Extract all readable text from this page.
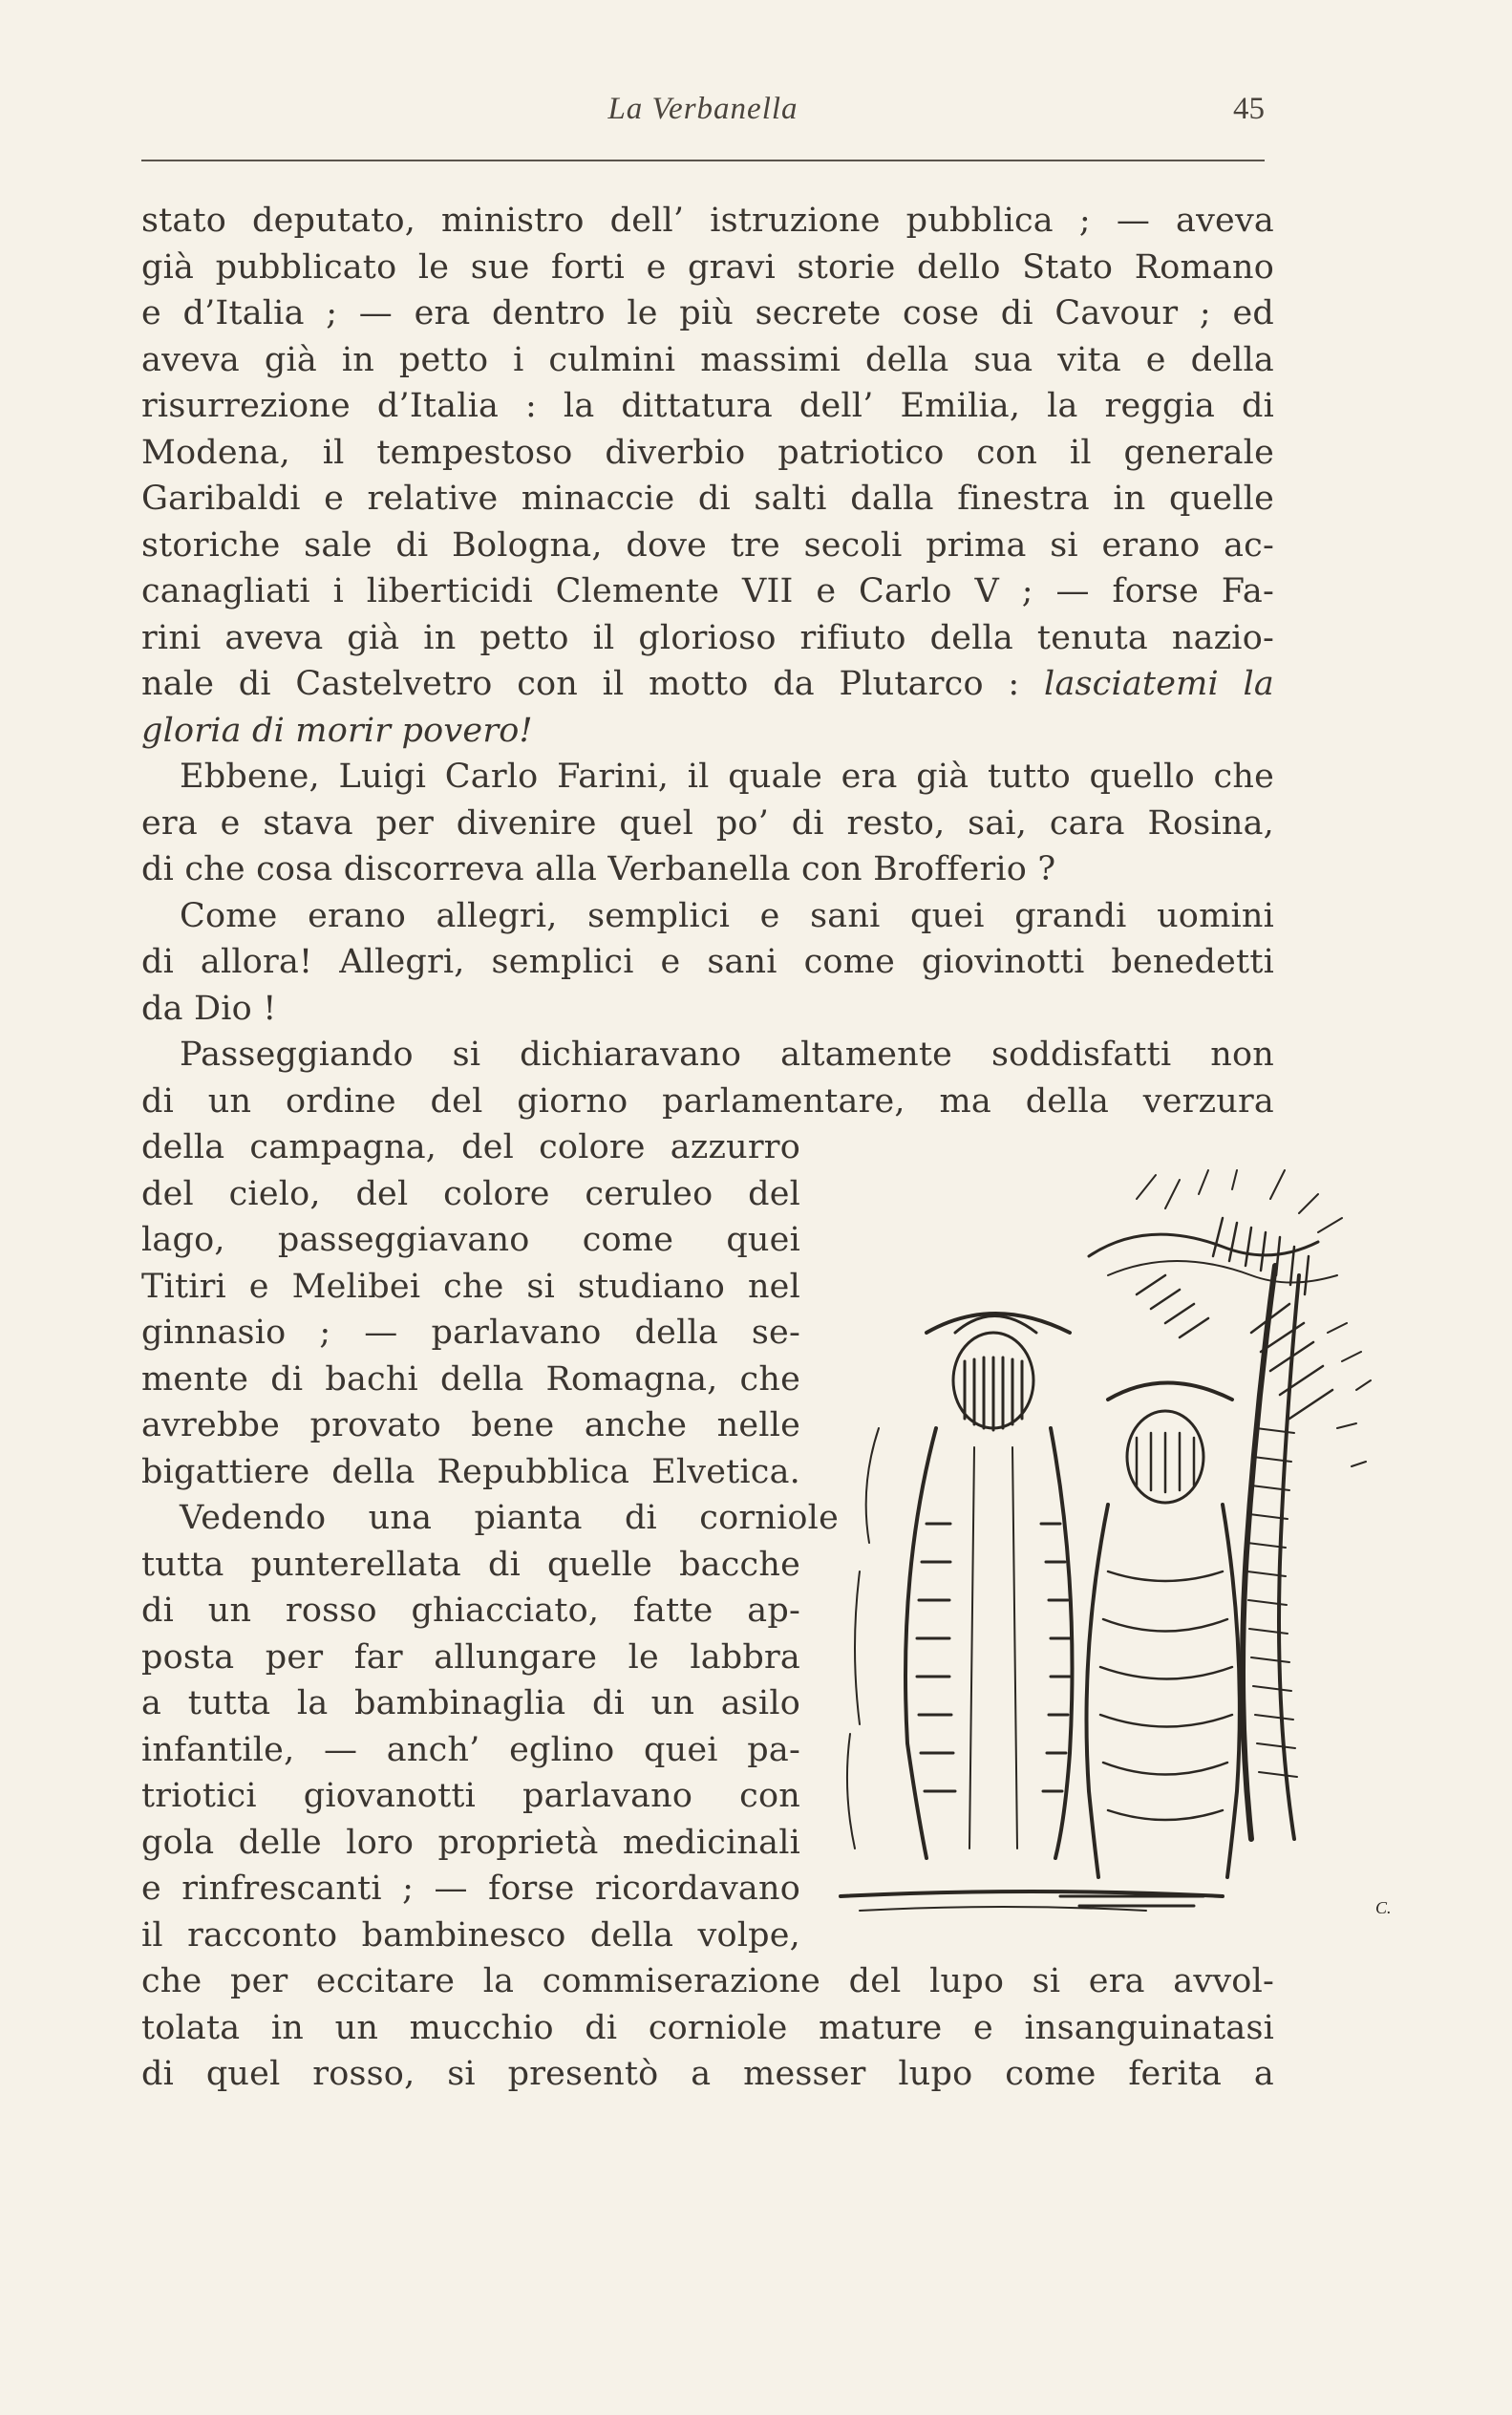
La Verbanella	45
stato deputato, ministro dell’ istruzione pubblica ; — aveva
già pubblicato le sue forti e gravi storie dello Stato Romano
e d’Italia ; — era dentro le più secrete cose di Cavour ; ed
aveva già in petto i culmini massimi della sua vita e della
risurrezione d’Italia : la dittatura dell’ Emilia, la reggia di
Modena, il tempestoso diverbio patriotico con il generale
Garibaldi e relative minaccie di salti dalla finestra in quelle
storiche sale di Bologna, dove tre secoli prima si erano ac-
canagliati i liberticidi Clemente VII e Carlo V ; — forse Fa-
rini aveva già in petto il glorioso rifiuto della tenuta nazio-
nale di Castelvetro con il motto da Plutarco : lasciatemi la
gloria di morir povero!
Ebbene, Luigi Carlo Farini, il quale era già tutto quello che
era e stava per divenire quel po’ di resto, sai, cara Rosina,
di che cosa discorreva alla Verbanella con Brofferio ?
Come erano allegri, semplici e sani quei grandi uomini
di allora! Allegri, semplici e sani come giovinotti benedetti
da Dio !
Passeggiando si dichiaravano altamente soddisfatti non
di un ordine del giorno parlamentare, ma della verzura
della campagna, del colore azzurro
del cielo, del colore ceruleo del
lago, passeggiavano come quei
Titiri e Melibei che si studiano nel
ginnasio ; — parlavano della se-
mente di bachi della Romagna, che
avrebbe provato bene anche nelle
bigattiere della Repubblica Elvetica.
Vedendo una pianta di corniole
tutta punterellata di quelle bacche
di un rosso ghiacciato, fatte ap-
posta per far allungare le labbra
a tutta la bambinaglia di un asilo
infantile, — anch’ eglino quei pa-
triotici giovanotti parlavano con
gola delle loro proprietà medicinali
e rinfrescanti ; — forse ricordavano
il racconto bambinesco della volpe,
che per eccitare la commiserazione del lupo si era avvol-
tolata in un mucchio di corniole mature e insanguinatasi
di quel rosso, si presentò a messer lupo come ferita a
C.
